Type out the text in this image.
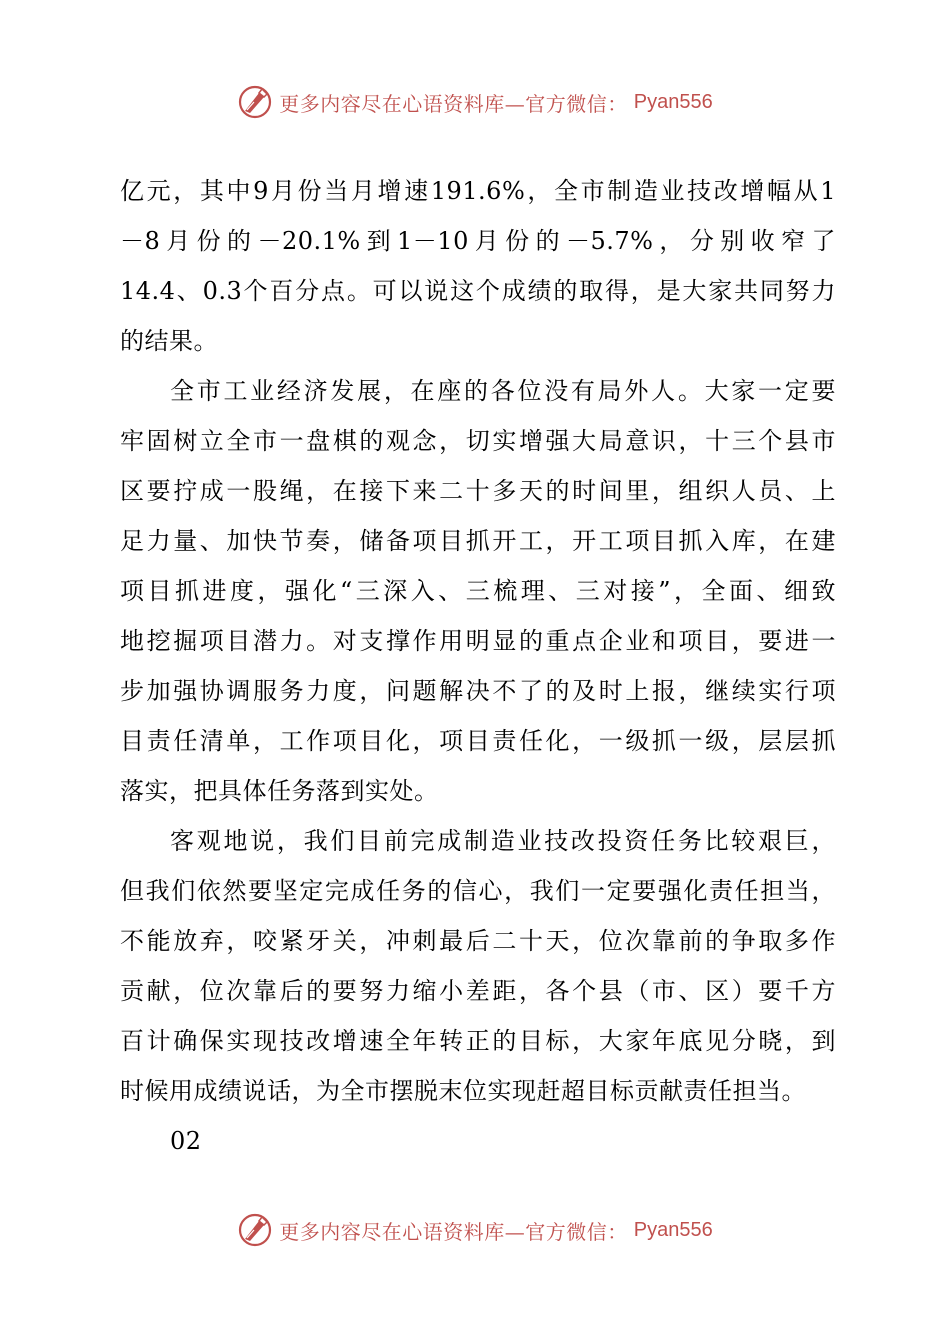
更多内容尽在心语资料库—官方微信： Pyan556
亿元，其中9月份当月增速191.6%，全市制造业技改增幅从1
－8月份的－20.1%到1－10月份的－5.7%，分别收窄了
14.4、0.3个百分点。可以说这个成绩的取得，是大家共同努力
的结果。
全市工业经济发展，在座的各位没有局外人。大家一定要
牢固树立全市一盘棋的观念，切实增强大局意识，十三个县市
区要拧成一股绳，在接下来二十多天的时间里，组织人员、上
足力量、加快节奏，储备项目抓开工，开工项目抓入库，在建
项目抓进度，强化“三深入、三梳理、三对接”，全面、细致
地挖掘项目潜力。对支撑作用明显的重点企业和项目，要进一
步加强协调服务力度，问题解决不了的及时上报，继续实行项
目责任清单，工作项目化，项目责任化，一级抓一级，层层抓
落实，把具体任务落到实处。
客观地说，我们目前完成制造业技改投资任务比较艰巨，
但我们依然要坚定完成任务的信心，我们一定要强化责任担当，
不能放弃，咬紧牙关，冲刺最后二十天，位次靠前的争取多作
贡献，位次靠后的要努力缩小差距，各个县（市、区）要千方
百计确保实现技改增速全年转正的目标，大家年底见分晓，到
时候用成绩说话，为全市摆脱末位实现赶超目标贡献责任担当。
02
更多内容尽在心语资料库—官方微信： Pyan556
